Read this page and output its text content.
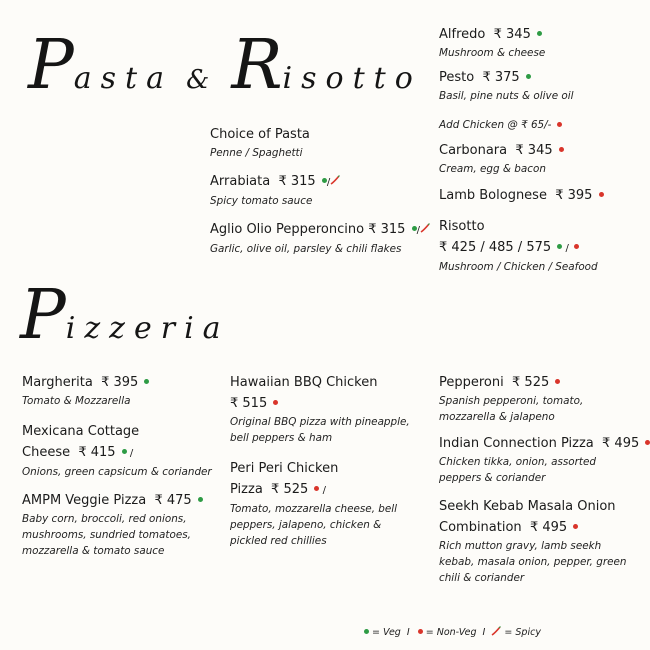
Pasta & Risotto
Choice of Pasta
Penne / Spaghetti
Arrabiata ₹ 315 /
Spicy tomato sauce
Aglio Olio Pepperoncino ₹ 315 /
Garlic, olive oil, parsley & chili flakes
Alfredo ₹ 345
Mushroom & cheese
Pesto ₹ 375
Basil, pine nuts & olive oil
Add Chicken @ ₹ 65/-
Carbonara ₹ 345
Cream, egg & bacon
Lamb Bolognese ₹ 395
Risotto
₹ 425 / 485 / 575  /
Mushroom / Chicken / Seafood
Pizzeria
Margherita ₹ 395
Tomato & Mozzarella
Mexicana Cottage
Cheese ₹ 415  /
Onions, green capsicum & coriander
AMPM Veggie Pizza ₹ 475
Baby corn, broccoli, red onions, mushrooms, sundried tomatoes, mozzarella & tomato sauce
Hawaiian BBQ Chicken
₹ 515
Original BBQ pizza with pineapple, bell peppers & ham
Peri Peri Chicken
Pizza ₹ 525  /
Tomato, mozzarella cheese, bell peppers, jalapeno, chicken & pickled red chillies
Pepperoni ₹ 525
Spanish pepperoni, tomato, mozzarella & jalapeno
Indian Connection Pizza ₹ 495
Chicken tikka, onion, assorted peppers & coriander
Seekh Kebab Masala Onion
Combination ₹ 495
Rich mutton gravy, lamb seekh kebab, masala onion, pepper, green chili & coriander
= Veg I = Non-Veg I = Spicy
